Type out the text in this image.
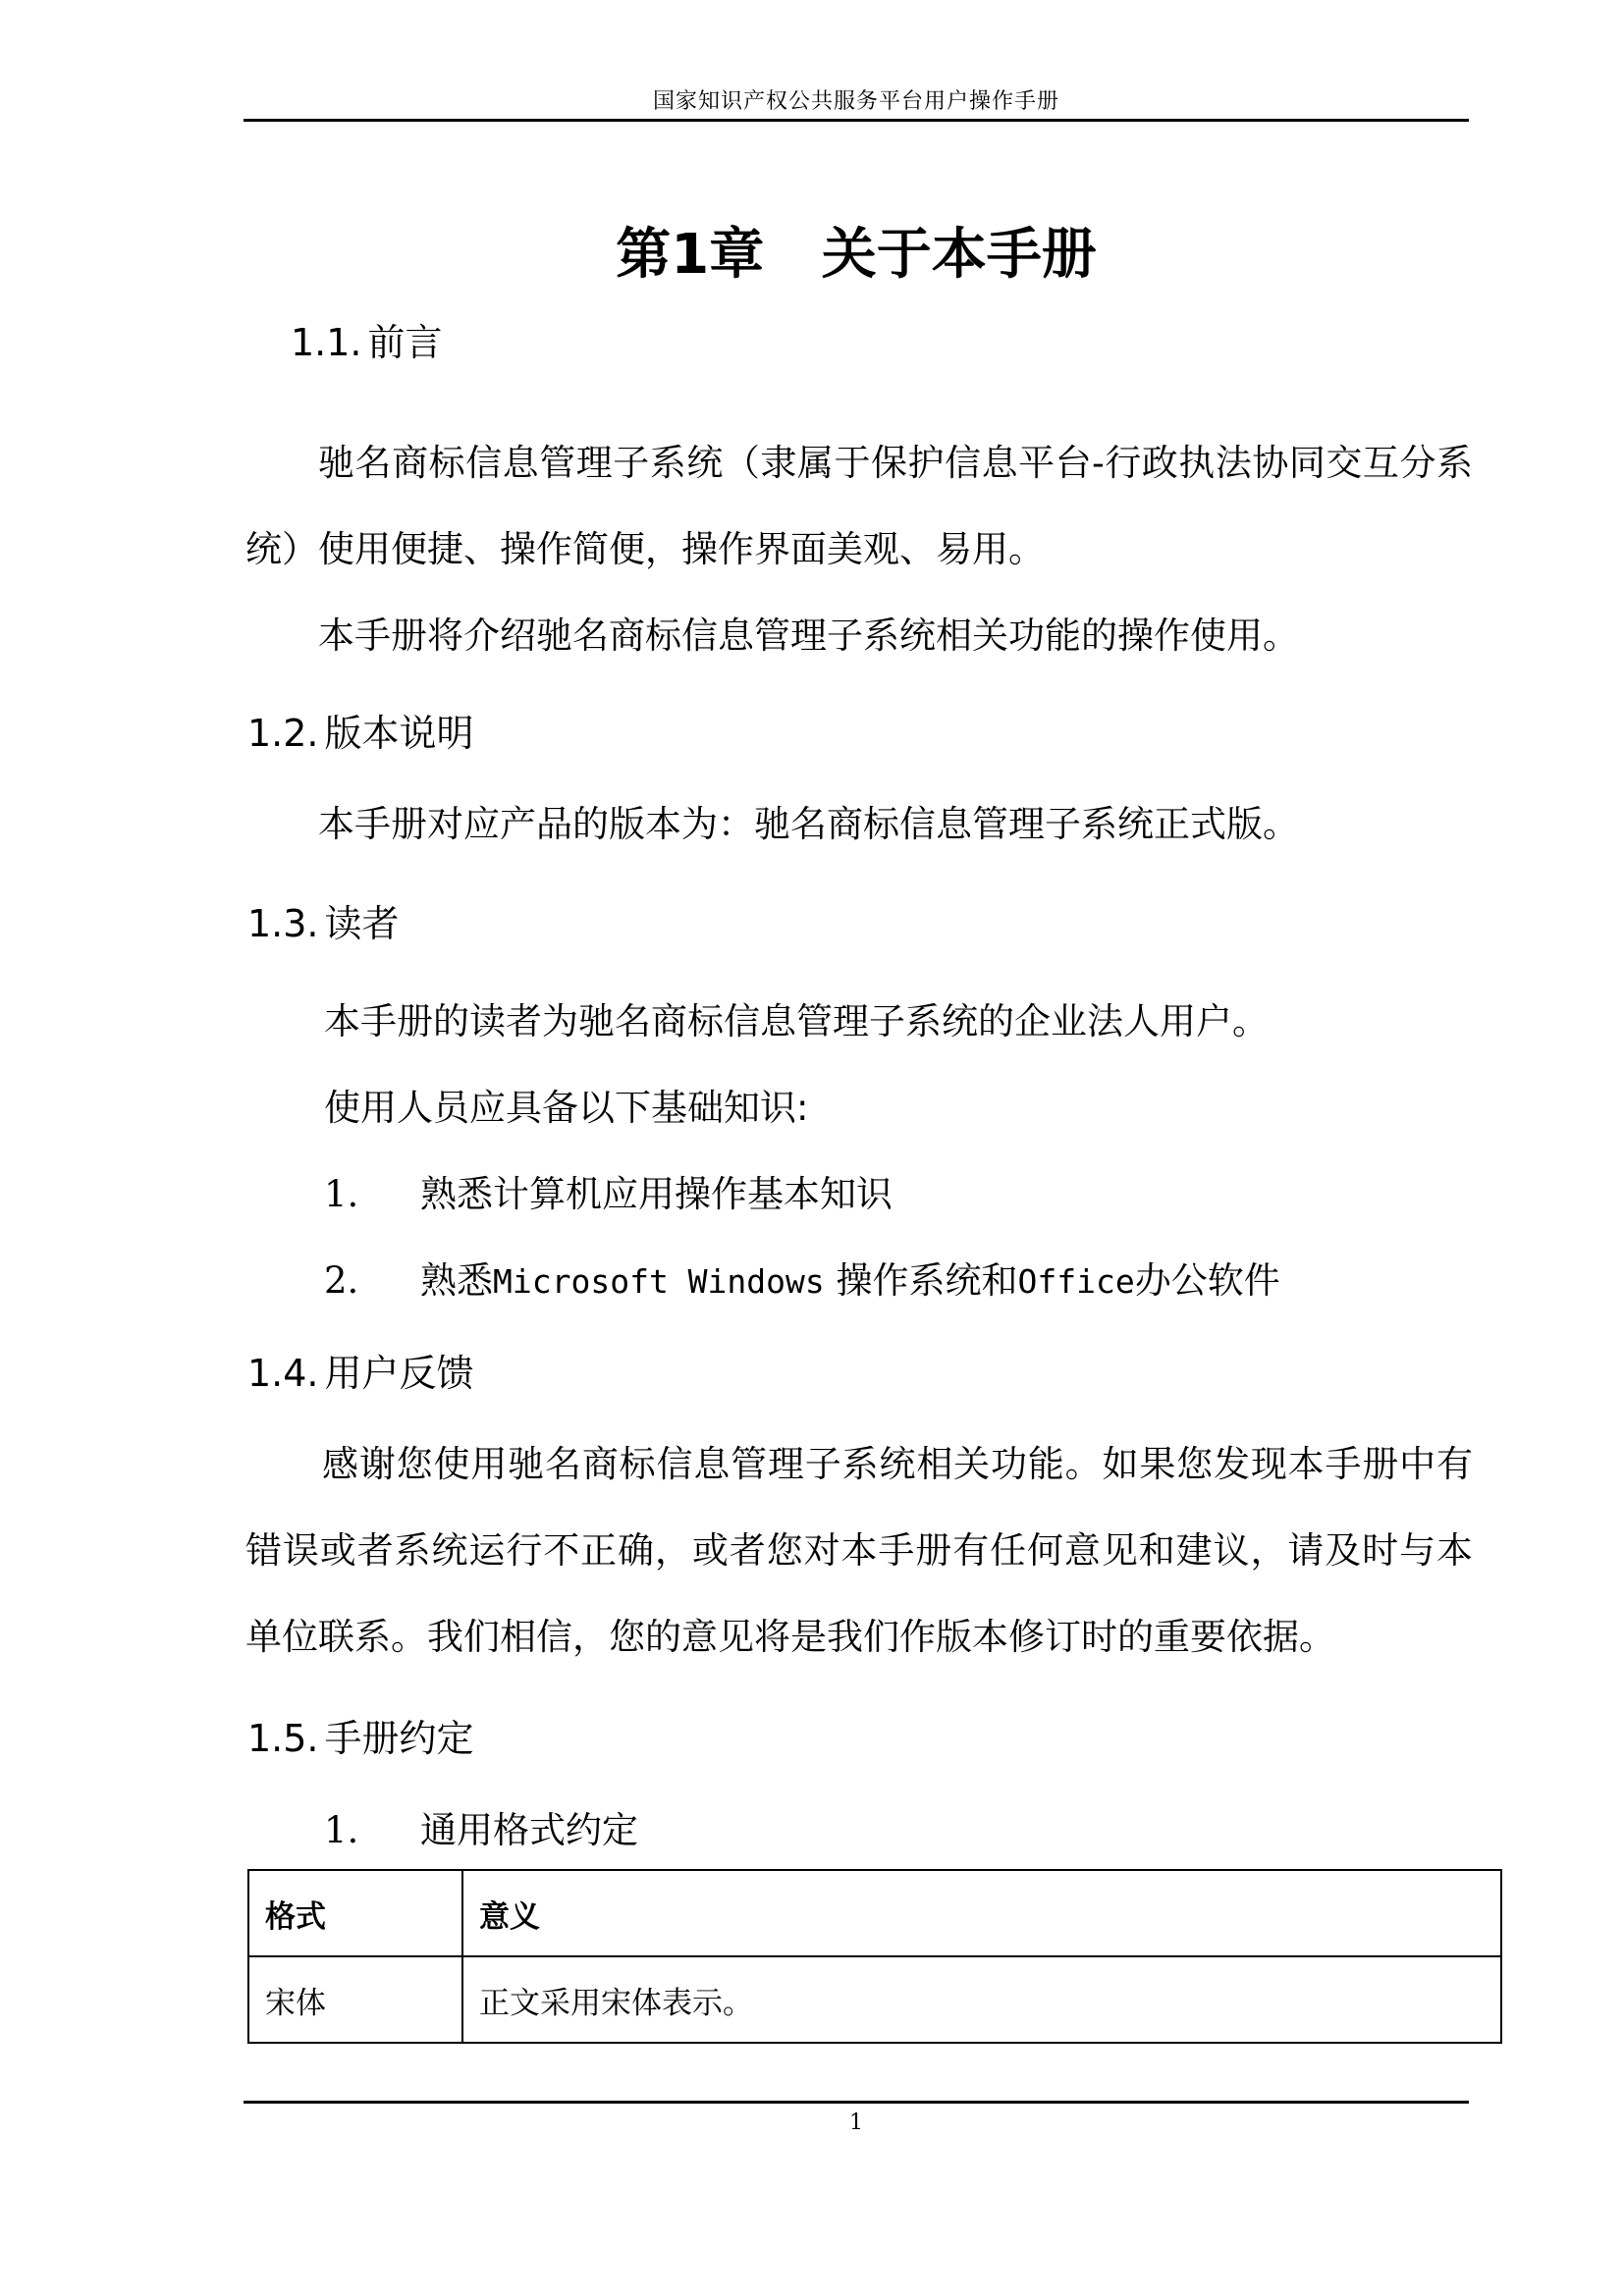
国家知识产权公共服务平台用户操作手册
第1章   关于本手册
1.1. 前言
驰名商标信息管理子系统（隶属于保护信息平台-行政执法协同交互分系统）使用便捷、操作简便，操作界面美观、易用。
本手册将介绍驰名商标信息管理子系统相关功能的操作使用。
1.2. 版本说明
本手册对应产品的版本为：驰名商标信息管理子系统正式版。
1.3. 读者
本手册的读者为驰名商标信息管理子系统的企业法人用户。
使用人员应具备以下基础知识:
1. 熟悉计算机应用操作基本知识
2. 熟悉Microsoft Windows 操作系统和Office办公软件
1.4. 用户反馈
感谢您使用驰名商标信息管理子系统相关功能。如果您发现本手册中有错误或者系统运行不正确，或者您对本手册有任何意见和建议，请及时与本单位联系。我们相信，您的意见将是我们作版本修订时的重要依据。
1.5. 手册约定
1. 通用格式约定
格式	意义
宋体	正文采用宋体表示。
1
